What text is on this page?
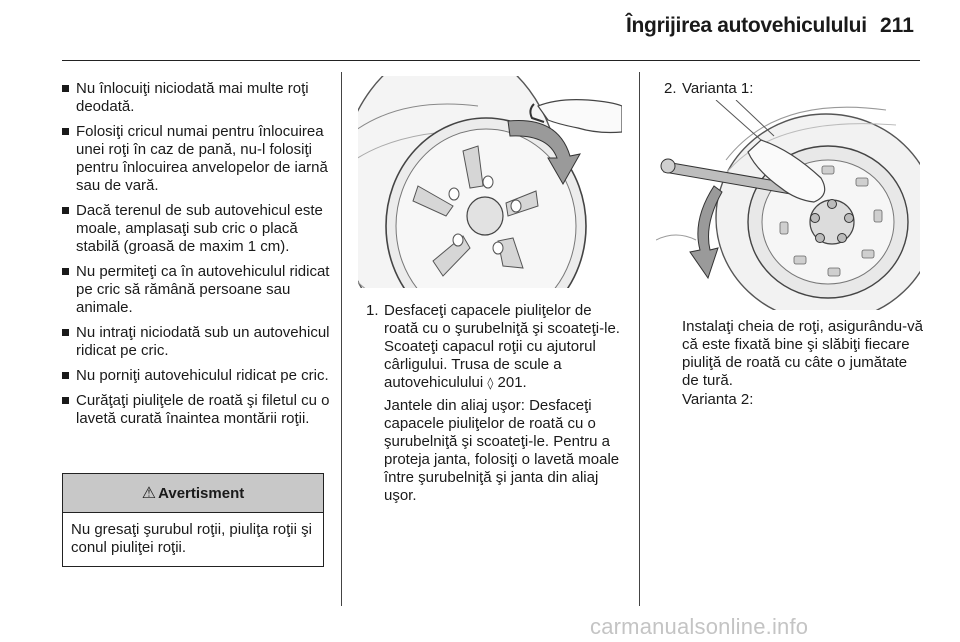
Îngrijirea autovehiculului 211
Nu înlocuiţi niciodată mai multe roţi deodată.
Folosiţi cricul numai pentru înlocuirea unei roţi în caz de pană, nu-l folosiţi pentru înlocuirea anvelopelor de iarnă sau de vară.
Dacă terenul de sub autovehicul este moale, amplasaţi sub cric o placă stabilă (groasă de maxim 1 cm).
Nu permiteţi ca în autovehiculul ridicat pe cric să rămână persoane sau animale.
Nu intraţi niciodată sub un autovehicul ridicat pe cric.
Nu porniţi autovehiculul ridicat pe cric.
Curăţaţi piuliţele de roată şi filetul cu o lavetă curată înaintea montării roţii.
⚠ Avertisment
Nu gresaţi şurubul roţii, piuliţa roţii şi conul piuliţei roţii.
1. Desfaceţi capacele piuliţelor de roată cu o şurubelniţă şi scoateţi-le. Scoateţi capacul roţii cu ajutorul cârligului. Trusa de scule a autovehiculului ◊ 201.
Jantele din aliaj uşor: Desfaceţi capacele piuliţelor de roată cu o şurubelniţă şi scoateţi-le. Pentru a proteja janta, folosiţi o lavetă moale între şurubelniţă şi janta din aliaj uşor.
2. Varianta 1:
Instalaţi cheia de roţi, asigurându-vă că este fixată bine şi slăbiţi fiecare piuliţă de roată cu câte o jumătate de tură.
Varianta 2:
carmanualsonline.info
